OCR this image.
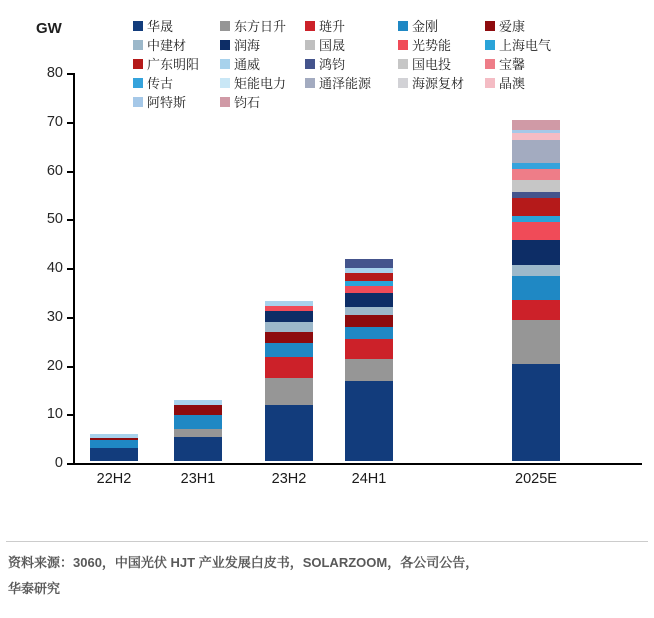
GW	华晟	东方日升	琏升	金刚	爱康
中建材	润海	国晟	光势能	上海电气
广东明阳	通威	鸿钧	国电投	宝馨
传古	矩能电力	通泽能源	海源复材	晶澳
阿特斯	钧石
0
10
20
30
40
50
60
70
80
22H2	23H1	23H2	24H1	2025E
资料来源：3060，中国光伏 HJT 产业发展白皮书，SOLARZOOM，各公司公告，
华泰研究
